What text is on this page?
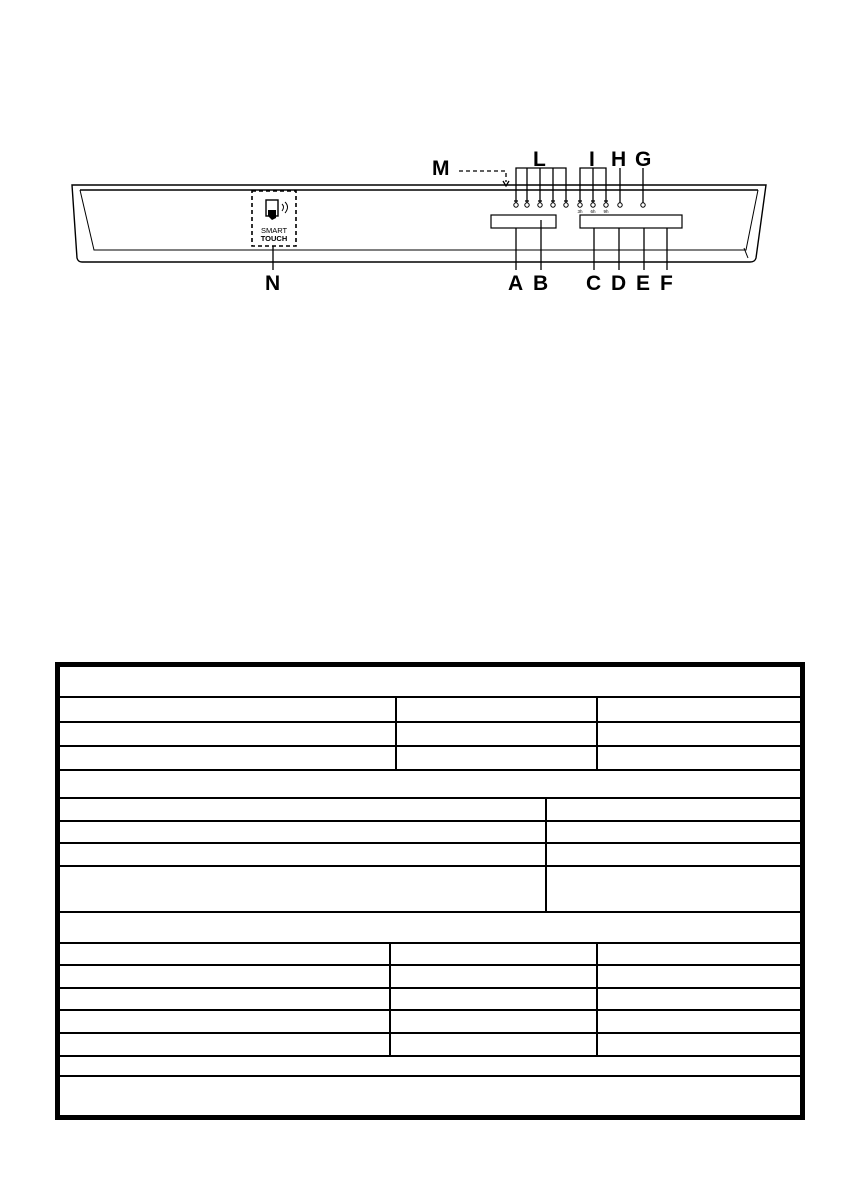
SMART
TOUCH
3h 6h 9h
M	L I H G
N	A B C D E F
